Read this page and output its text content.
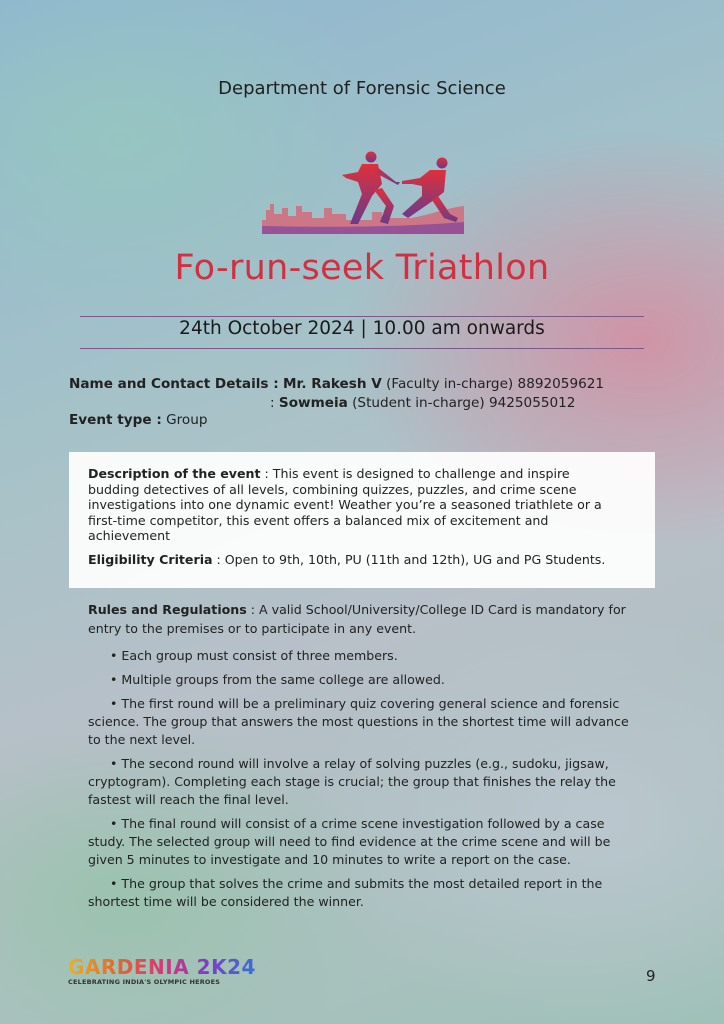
Department of Forensic Science
Fo-run-seek Triathlon
24th October 2024 | 10.00 am onwards
Name and Contact Details : Mr. Rakesh V (Faculty in-charge) 8892059621
: Sowmeia (Student in-charge) 9425055012
Event type : Group
Description of the event : This event is designed to challenge and inspire budding detectives of all levels, combining quizzes, puzzles, and crime scene investigations into one dynamic event! Weather you’re a seasoned triathlete or a first-time competitor, this event offers a balanced mix of excitement and achievement
Eligibility Criteria : Open to 9th, 10th, PU (11th and 12th), UG and PG Students.

Rules and Regulations : A valid School/University/College ID Card is mandatory for entry to the premises or to participate in any event.

• Each group must consist of three members.

• Multiple groups from the same college are allowed.

• The first round will be a preliminary quiz covering general science and forensic science. The group that answers the most questions in the shortest time will advance to the next level.

• The second round will involve a relay of solving puzzles (e.g., sudoku, jigsaw, cryptogram). Completing each stage is crucial; the group that finishes the relay the fastest will reach the final level.

• The final round will consist of a crime scene investigation followed by a case study. The selected group will need to find evidence at the crime scene and will be given 5 minutes to investigate and 10 minutes to write a report on the case.

• The group that solves the crime and submits the most detailed report in the shortest time will be considered the winner.

GARDENIA 2K24
CELEBRATING INDIA'S OLYMPIC HEROES	9
